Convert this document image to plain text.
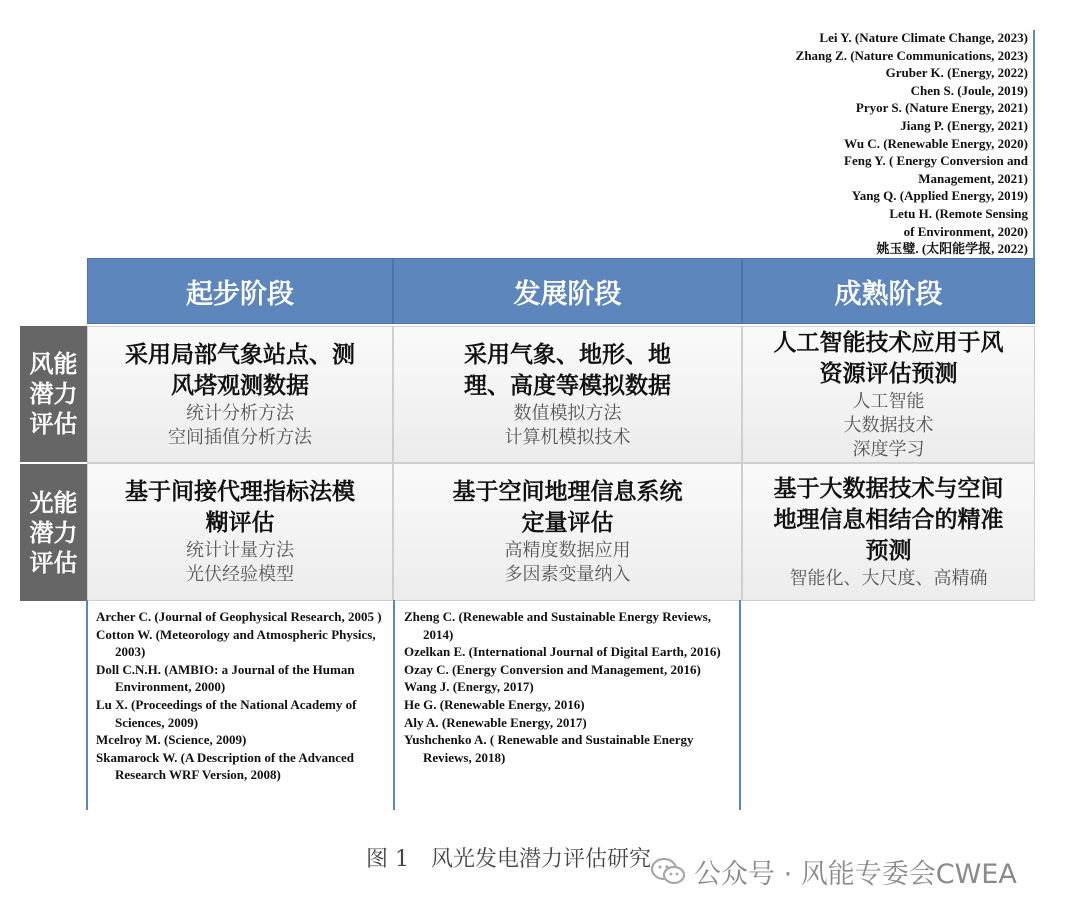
Lei Y. (Nature Climate Change, 2023)
Zhang Z. (Nature Communications, 2023)
Gruber K. (Energy, 2022)
Chen S. (Joule, 2019)
Pryor S. (Nature Energy, 2021)
Jiang P. (Energy, 2021)
Wu C. (Renewable Energy, 2020)
Feng Y. ( Energy Conversion and
Management, 2021)
Yang Q. (Applied Energy, 2019)
Letu H. (Remote Sensing
of Environment, 2020)
姚玉璧. (太阳能学报, 2022)
起步阶段	发展阶段	成熟阶段
风能潜力评估
光能潜力评估
采用局部气象站点、测风塔观测数据
统计分析方法
空间插值分析方法
采用气象、地形、地理、高度等模拟数据
数值模拟方法
计算机模拟技术
人工智能技术应用于风资源评估预测
人工智能
大数据技术
深度学习
基于间接代理指标法模糊评估
统计计量方法
光伏经验模型
基于空间地理信息系统定量评估
高精度数据应用
多因素变量纳入
基于大数据技术与空间地理信息相结合的精准预测
智能化、大尺度、高精确
Archer C. (Journal of Geophysical Research, 2005 )
Cotton W. (Meteorology and Atmospheric Physics, 2003)
Doll C.N.H. (AMBIO: a Journal of the Human Environment, 2000)
Lu X. (Proceedings of the National Academy of Sciences, 2009)
Mcelroy M. (Science, 2009)
Skamarock W. (A Description of the Advanced Research WRF Version, 2008)
Zheng C. (Renewable and Sustainable Energy Reviews, 2014)
Ozelkan E. (International Journal of Digital Earth, 2016)
Ozay C. (Energy Conversion and Management, 2016)
Wang J. (Energy, 2017)
He G. (Renewable Energy, 2016)
Aly A. (Renewable Energy, 2017)
Yushchenko A. ( Renewable and Sustainable Energy Reviews, 2018)
图 1　风光发电潜力评估研究 公众号 · 风能专委会CWEA
